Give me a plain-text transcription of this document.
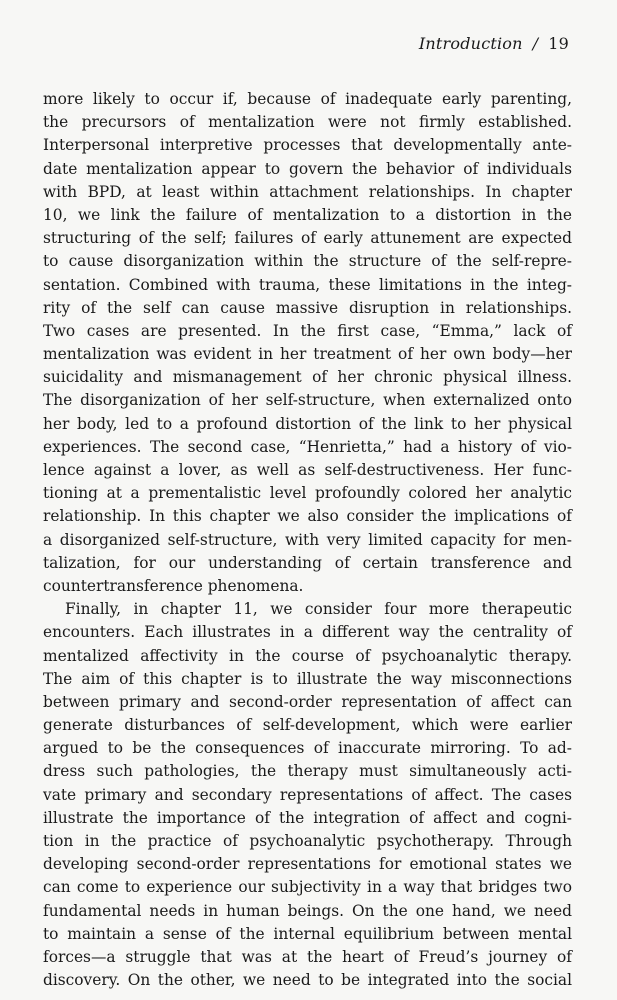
Introduction / 19
more likely to occur if, because of inadequate early parenting,
the precursors of mentalization were not firmly established.
Interpersonal interpretive processes that developmentally ante-
date mentalization appear to govern the behavior of individuals
with BPD, at least within attachment relationships. In chapter
10, we link the failure of mentalization to a distortion in the
structuring of the self; failures of early attunement are expected
to cause disorganization within the structure of the self-repre-
sentation. Combined with trauma, these limitations in the integ-
rity of the self can cause massive disruption in relationships.
Two cases are presented. In the first case, “Emma,” lack of
mentalization was evident in her treatment of her own body—her
suicidality and mismanagement of her chronic physical illness.
The disorganization of her self-structure, when externalized onto
her body, led to a profound distortion of the link to her physical
experiences. The second case, “Henrietta,” had a history of vio-
lence against a lover, as well as self-destructiveness. Her func-
tioning at a prementalistic level profoundly colored her analytic
relationship. In this chapter we also consider the implications of
a disorganized self-structure, with very limited capacity for men-
talization, for our understanding of certain transference and
countertransference phenomena.
Finally, in chapter 11, we consider four more therapeutic
encounters. Each illustrates in a different way the centrality of
mentalized affectivity in the course of psychoanalytic therapy.
The aim of this chapter is to illustrate the way misconnections
between primary and second-order representation of affect can
generate disturbances of self-development, which were earlier
argued to be the consequences of inaccurate mirroring. To ad-
dress such pathologies, the therapy must simultaneously acti-
vate primary and secondary representations of affect. The cases
illustrate the importance of the integration of affect and cogni-
tion in the practice of psychoanalytic psychotherapy. Through
developing second-order representations for emotional states we
can come to experience our subjectivity in a way that bridges two
fundamental needs in human beings. On the one hand, we need
to maintain a sense of the internal equilibrium between mental
forces—a struggle that was at the heart of Freud’s journey of
discovery. On the other, we need to be integrated into the social
